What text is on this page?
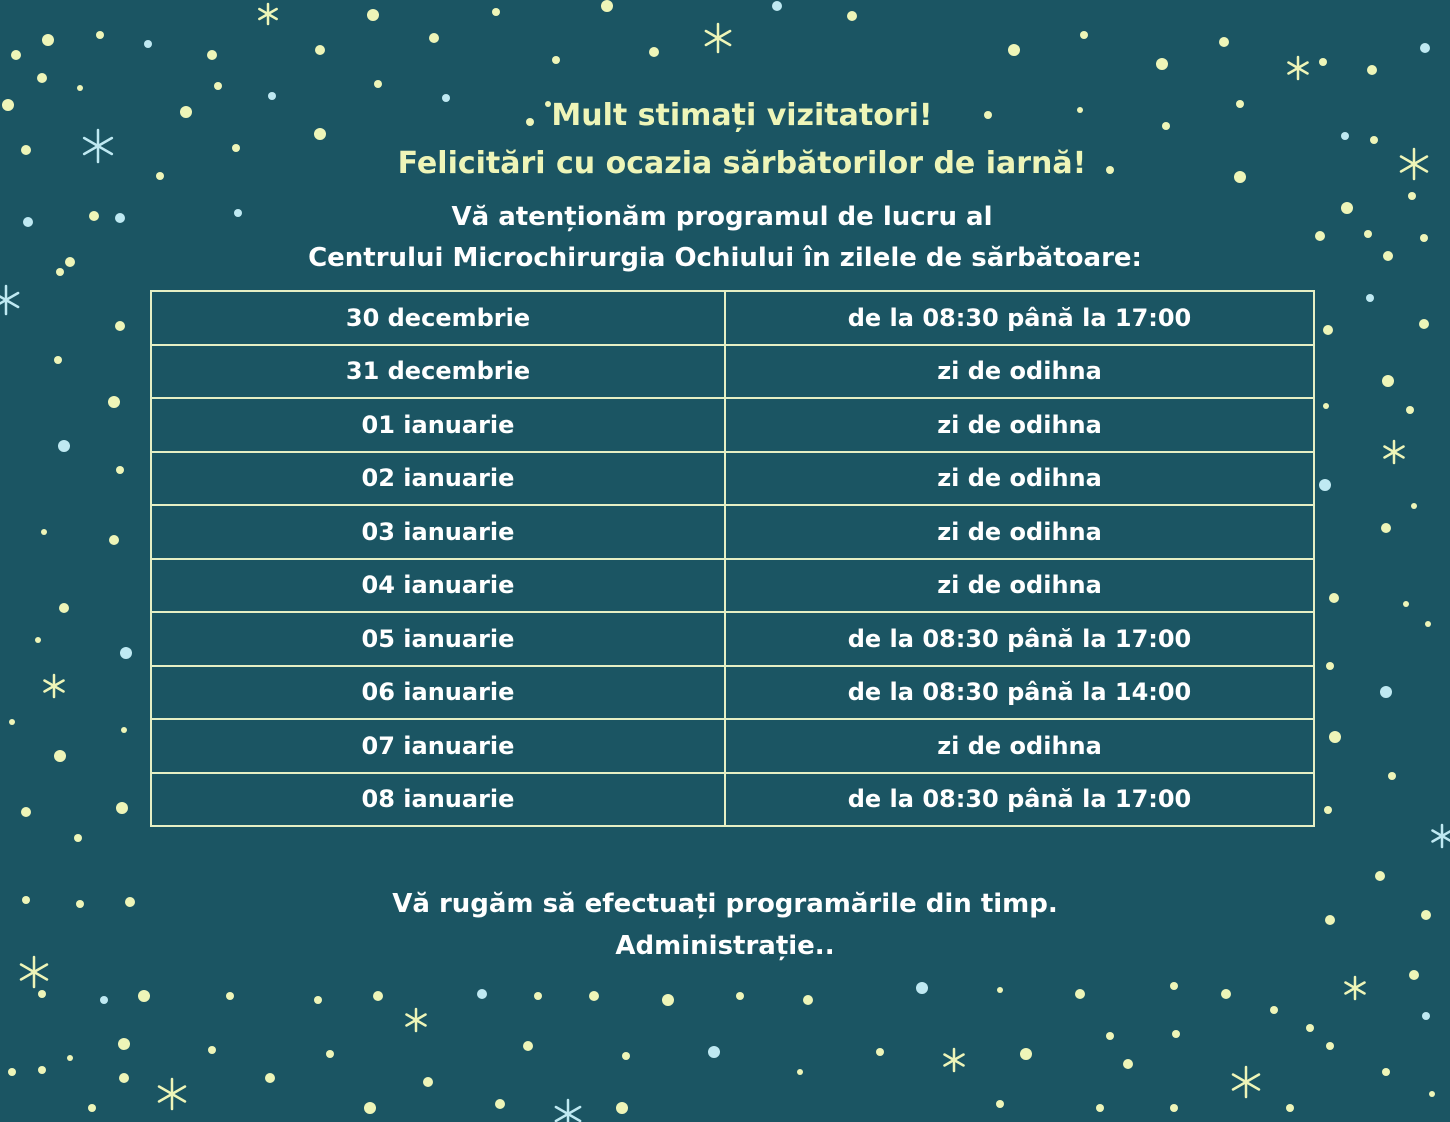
Mult stimați vizitatori!

Felicitări cu ocazia sărbătorilor de iarnă!

Vă atenționăm programul de lucru al

Centrului Microchirurgia Ochiului în zilele de sărbătoare:

30 decembrie	de la 08:30 până la 17:00
31 decembrie	zi de odihna
01 ianuarie	zi de odihna
02 ianuarie	zi de odihna
03 ianuarie	zi de odihna
04 ianuarie	zi de odihna
05 ianuarie	de la 08:30 până la 17:00
06 ianuarie	de la 08:30 până la 14:00
07 ianuarie	zi de odihna
08 ianuarie	de la 08:30 până la 17:00

Vă rugăm să efectuați programările din timp.

Administrație..
